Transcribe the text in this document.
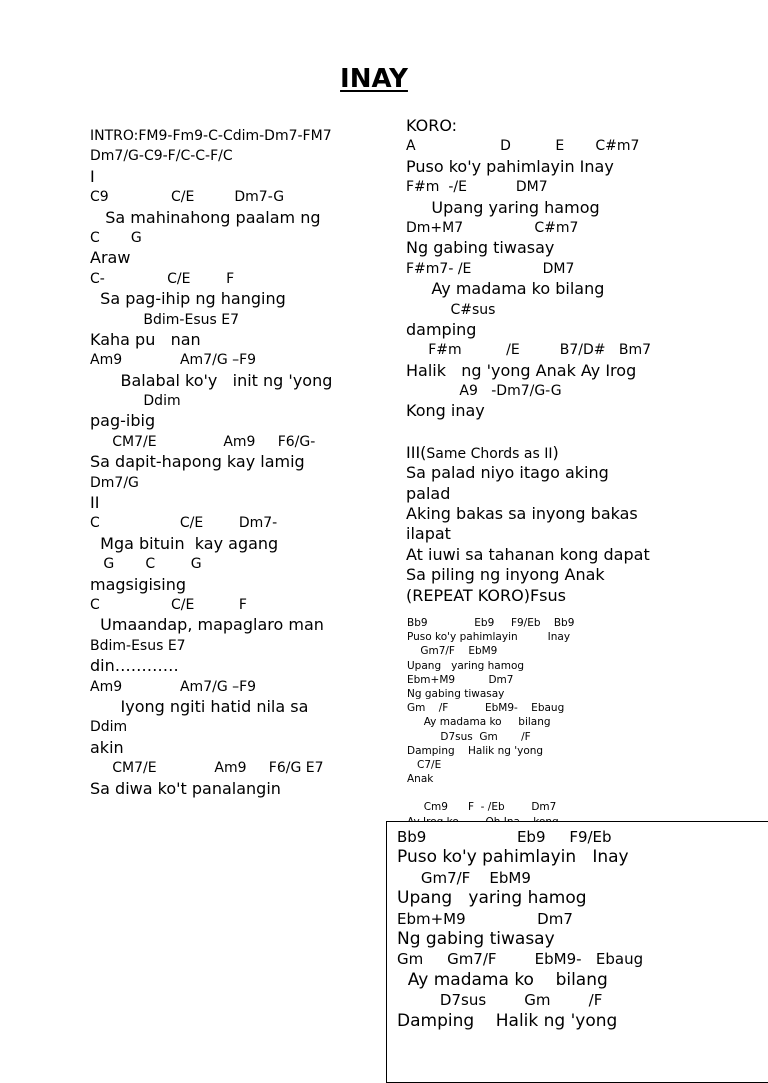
INAY
INTRO:FM9-Fm9-C-Cdim-Dm7-FM7
Dm7/G-C9-F/C-C-F/C
I
C9              C/E         Dm7-G
Sa mahinahong paalam ng
C       G
Araw
C-              C/E        F
Sa pag-ihip ng hanging
Bdim-Esus E7
Kaha pu   nan
Am9             Am7/G –F9
Balabal ko'y   init ng 'yong
Ddim
pag-ibig
CM7/E               Am9     F6/G-
Sa dapit-hapong kay lamig
Dm7/G
II
C                  C/E        Dm7-
Mga bituin  kay agang
G       C        G
magsigising
C                C/E          F
Umaandap, mapaglaro man
Bdim-Esus E7
din…………
Am9             Am7/G –F9
Iyong ngiti hatid nila sa
Ddim
akin
CM7/E             Am9     F6/G E7
Sa diwa ko't panalangin
KORO:
A                   D          E       C#m7
Puso ko'y pahimlayin Inay
F#m  -/E           DM7
Upang yaring hamog
Dm+M7                C#m7
Ng gabing tiwasay
F#m7- /E                DM7
Ay madama ko bilang
C#sus
damping
F#m          /E         B7/D#   Bm7
Halik   ng 'yong Anak Ay Irog
A9   -Dm7/G-G
Kong inay
III(Same Chords as II)
Sa palad niyo itago aking
palad
Aking bakas sa inyong bakas
ilapat
At iuwi sa tahanan kong dapat
Sa piling ng inyong Anak
(REPEAT KORO)Fsus
Bb9              Eb9     F9/Eb    Bb9
Puso ko'y pahimlayin         Inay
Gm7/F    EbM9
Upang   yaring hamog
Ebm+M9          Dm7
Ng gabing tiwasay
Gm    /F           EbM9-    Ebaug
Ay madama ko     bilang
D7sus  Gm       /F
Damping    Halik ng 'yong
C7/E
Anak
Cm9      F  - /Eb        Dm7
Bb9                   Eb9     F9/Eb
Puso ko'y pahimlayin   Inay
Gm7/F    EbM9
Upang   yaring hamog
Ebm+M9               Dm7
Ng gabing tiwasay
Gm     Gm7/F        EbM9-   Ebaug
Ay madama ko    bilang
D7sus        Gm        /F
Damping    Halik ng 'yong
